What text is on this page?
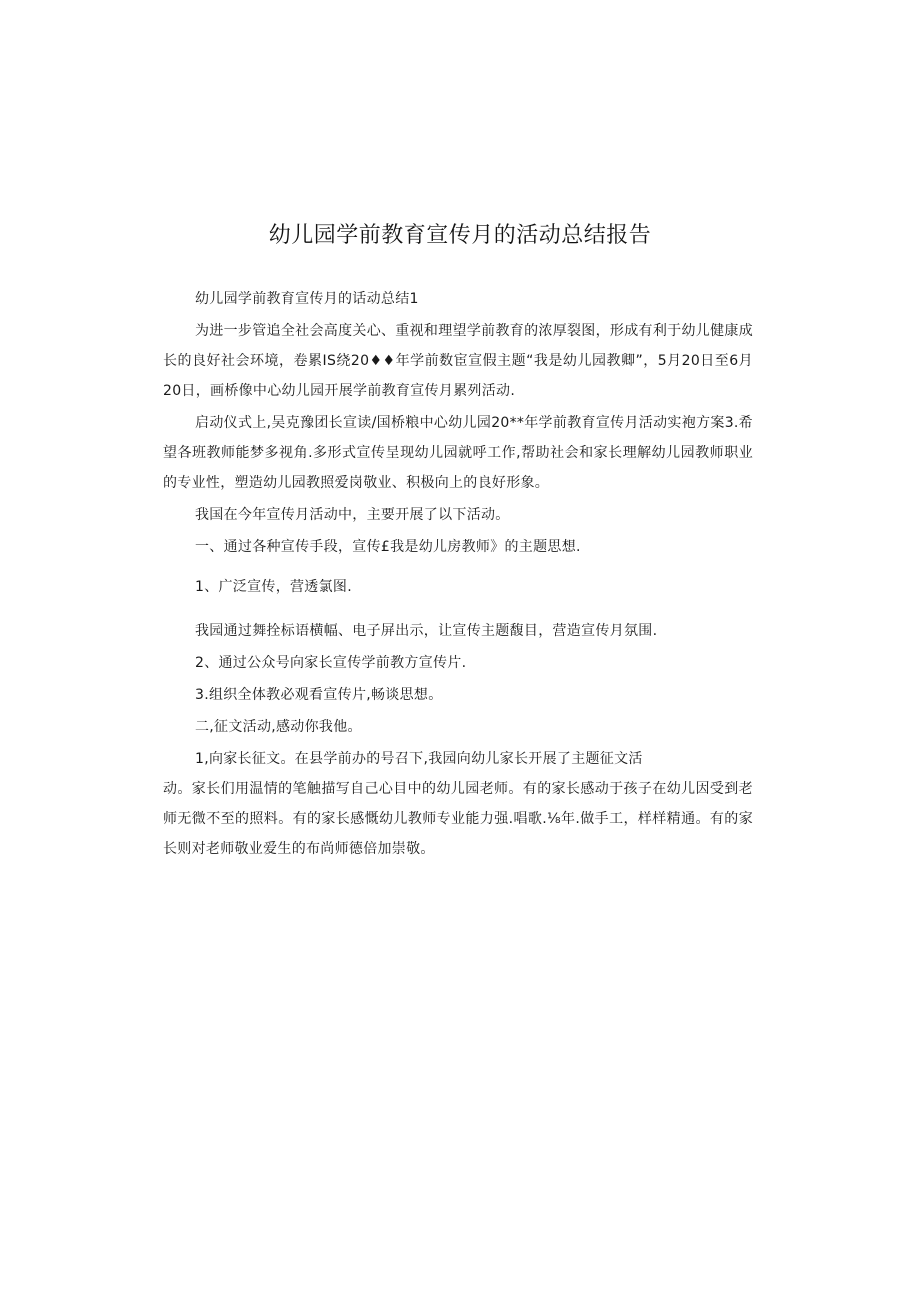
幼儿园学前教育宣传月的活动总结报告

幼儿园学前教育宣传月的话动总结1

为进一步管追全社会高度关心、重视和理望学前教育的浓厚裂图，形成有利于幼儿健康成长的良好社会环境，卷累IS绕20♦♦年学前数宦宣假主题“我是幼儿园教卿”，5月20日至6月20日，画桥像中心幼儿园开展学前教育宣传月累列活动.

启动仪式上,吴克豫团长宣读/国桥粮中心幼儿园20**年学前教育宣传月活动实袍方案3.希望各班教师能梦多视角.多形式宣传呈现幼儿园就呼工作,帮助社会和家长理解幼儿园教师职业的专业性，塑造幼儿园教照爱岗敬业、积极向上的良好形象。

我国在今年宣传月活动中，主要开展了以下活动。

一、通过各种宣传手段，宣传£我是幼儿房教师》的主题思想.

1、广泛宣传，营透氯图.

我园通过舞拴标语横幅、电子屏出示，让宣传主题馥目，营造宣传月氛围.

2、通过公众号向家长宣传学前教方宣传片.

3.组织全体教必观看宣传片,畅谈思想。

二,征文活动,感动你我他。

1,向家长征文。在县学前办的号召下,我园向幼儿家长开展了主题征文活

动。家长们用温情的笔触描写自己心目中的幼儿园老师。有的家长感动于孩子在幼儿因受到老师无微不至的照料。有的家长感慨幼儿教师专业能力强.唱歌.⅛年.做手工，样样精通。有的家长则对老师敬业爱生的布尚师德倍加崇敬。
